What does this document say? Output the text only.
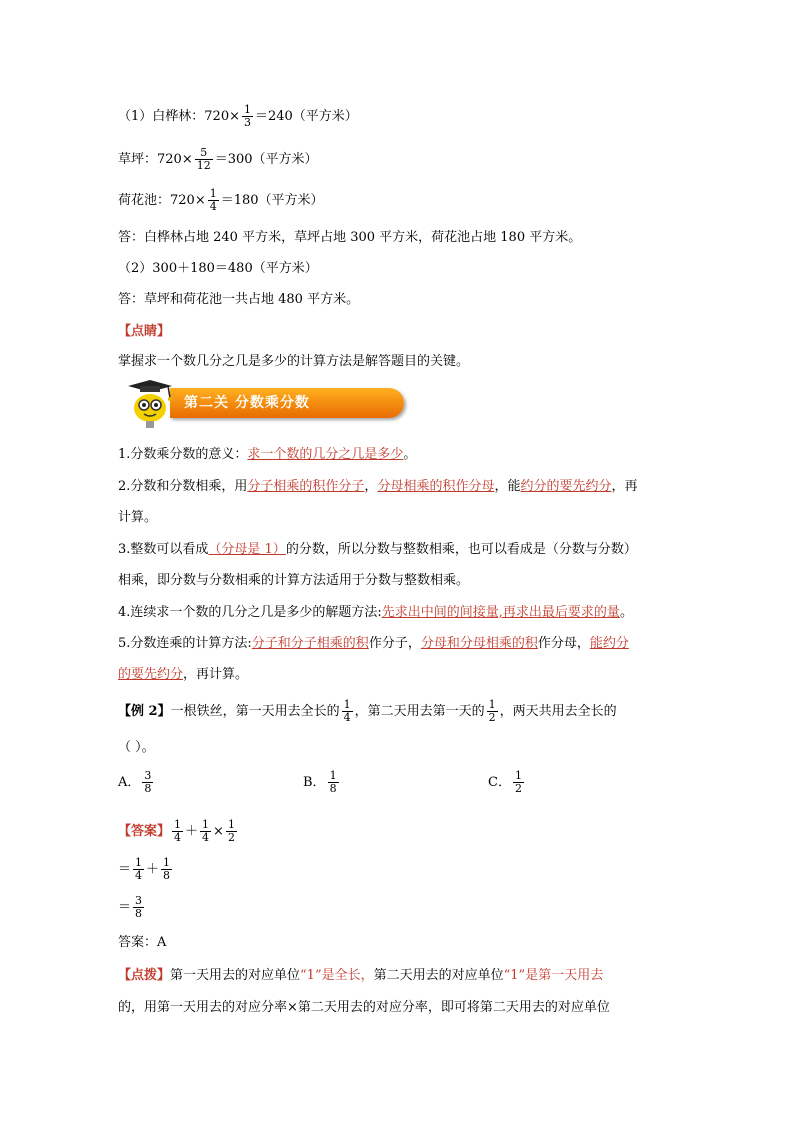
（1）白桦林：$720\times \frac{1}{3} =240$（平方米）
草坪：$720\times \frac{5}{12} =300$（平方米）
荷花池：$720\times \frac{1}{4} =180$（平方米）
答：白桦林占地 240 平方米，草坪占地 300 平方米，荷花池占地 180 平方米。
（2）300＋180＝480（平方米）
答：草坪和荷花池一共占地 480 平方米。
【点睛】
掌握求一个数几分之几是多少的计算方法是解答题目的关键。
第二关 分数乘分数
1.分数乘分数的意义：求一个数的几分之几是多少。
2.分数和分数相乘，用分子相乘的积作分子，分母相乘的积作分母，能约分的要先约分，再
计算。
3.整数可以看成（分母是 1）的分数，所以分数与整数相乘，也可以看成是（分数与分数）
相乘，即分数与分数相乘的计算方法适用于分数与整数相乘。
4.连续求一个数的几分之几是多少的解题方法:先求出中间的间接量,再求出最后要求的量。
5.分数连乘的计算方法:分子和分子相乘的积作分子，分母和分母相乘的积作分母，能约分
的要先约分，再计算。
【例 2】一根铁丝，第一天用去全长的 $\frac{1}{4}$ ，第二天用去第一天的 $\frac{1}{2}$ ，两天共用去全长的
（ ）。
A． $\frac{3}{8}$	B． $\frac{1}{8}$	C． $\frac{1}{2}$
【答案】 $\frac{1}{4} + \frac{1}{4} \times \frac{1}{2}$
＝ $\frac{1}{4} + \frac{1}{8}$
＝ $\frac{3}{8}$
答案：A
【点拨】第一天用去的对应单位“1”是全长，第二天用去的对应单位“1”是第一天用去
的，用第一天用去的对应分率×第二天用去的对应分率，即可将第二天用去的对应单位
